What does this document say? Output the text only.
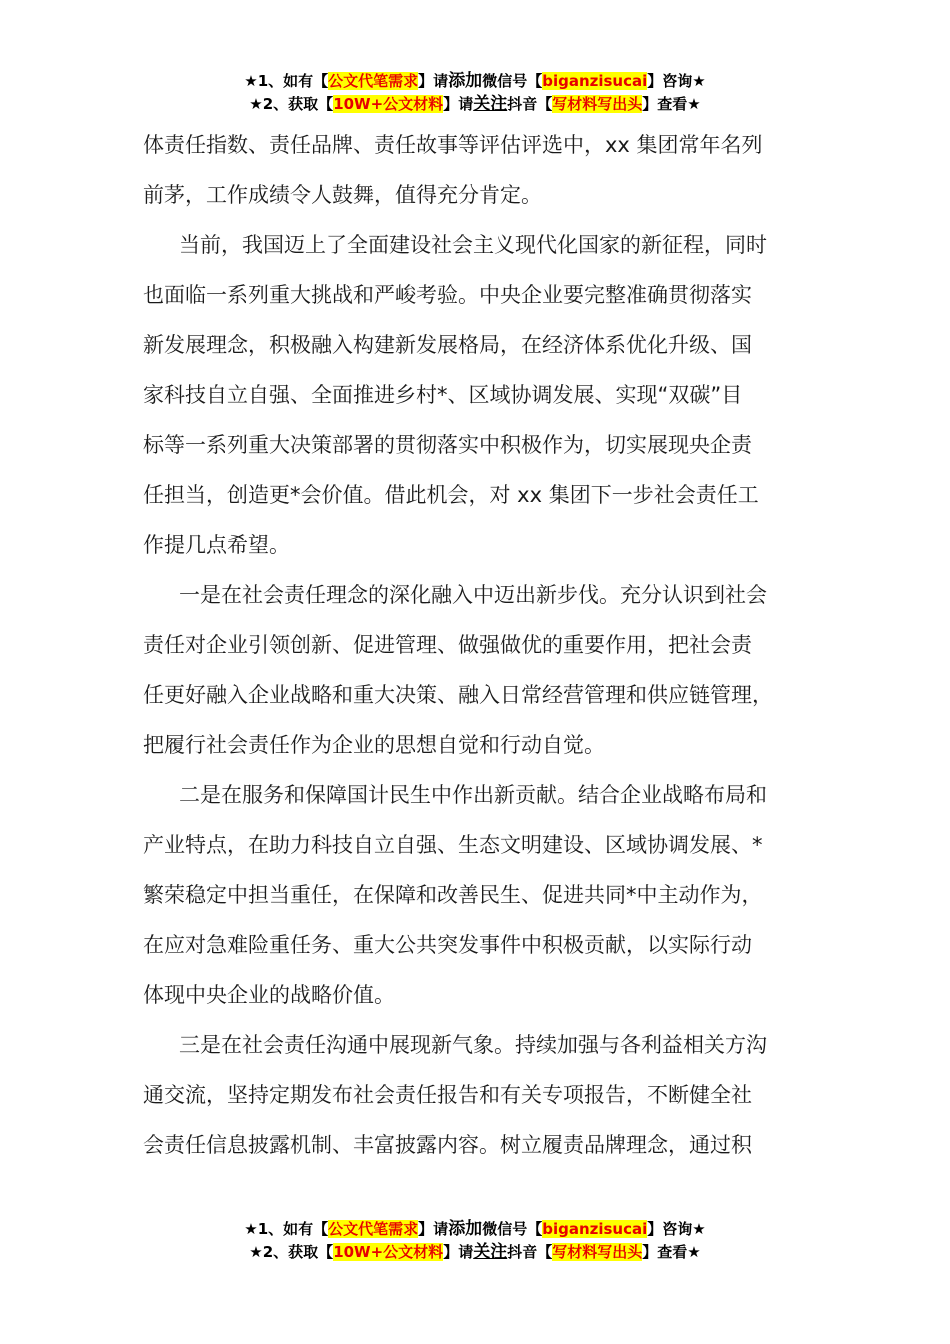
★1、如有【公文代笔需求】请添加微信号【biganzisucai】咨询★
★2、获取【10W+公文材料】请关注抖音【写材料写出头】查看★

体责任指数、责任品牌、责任故事等评估评选中，xx 集团常年名列
前茅，工作成绩令人鼓舞，值得充分肯定。

当前，我国迈上了全面建设社会主义现代化国家的新征程，同时
也面临一系列重大挑战和严峻考验。中央企业要完整准确贯彻落实
新发展理念，积极融入构建新发展格局，在经济体系优化升级、国
家科技自立自强、全面推进乡村*、区域协调发展、实现“双碳”目
标等一系列重大决策部署的贯彻落实中积极作为，切实展现央企责
任担当，创造更*会价值。借此机会，对 xx 集团下一步社会责任工
作提几点希望。

一是在社会责任理念的深化融入中迈出新步伐。充分认识到社会
责任对企业引领创新、促进管理、做强做优的重要作用，把社会责
任更好融入企业战略和重大决策、融入日常经营管理和供应链管理，
把履行社会责任作为企业的思想自觉和行动自觉。

二是在服务和保障国计民生中作出新贡献。结合企业战略布局和
产业特点，在助力科技自立自强、生态文明建设、区域协调发展、*
繁荣稳定中担当重任，在保障和改善民生、促进共同*中主动作为，
在应对急难险重任务、重大公共突发事件中积极贡献，以实际行动
体现中央企业的战略价值。

三是在社会责任沟通中展现新气象。持续加强与各利益相关方沟
通交流，坚持定期发布社会责任报告和有关专项报告，不断健全社
会责任信息披露机制、丰富披露内容。树立履责品牌理念，通过积

★1、如有【公文代笔需求】请添加微信号【biganzisucai】咨询★
★2、获取【10W+公文材料】请关注抖音【写材料写出头】查看★
